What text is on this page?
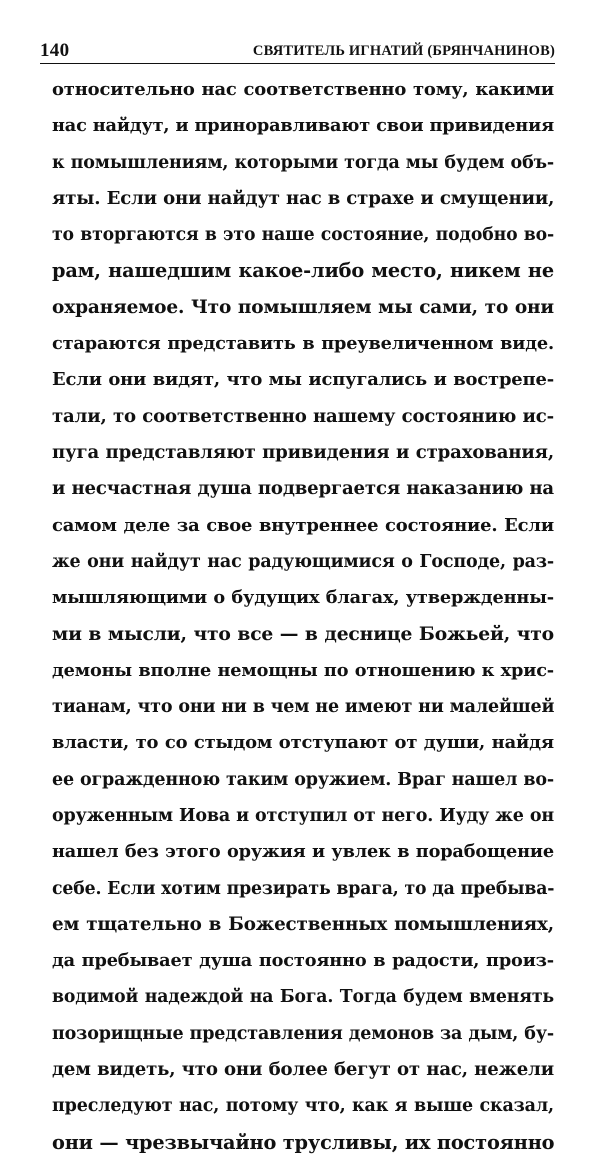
140	СВЯТИТЕЛЬ ИГНАТИЙ (БРЯНЧАНИНОВ)
относительно нас соответственно тому, какими
нас найдут, и приноравливают свои привидения
к помышлениям, которыми тогда мы будем объ-
яты. Если они найдут нас в страхе и смущении,
то вторгаются в это наше состояние, подобно во-
рам, нашедшим какое-либо место, никем не
охраняемое. Что помышляем мы сами, то они
стараются представить в преувеличенном виде.
Если они видят, что мы испугались и вострепе-
тали, то соответственно нашему состоянию ис-
пуга представляют привидения и страхования,
и несчастная душа подвергается наказанию на
самом деле за свое внутреннее состояние. Если
же они найдут нас радующимися о Господе, раз-
мышляющими о будущих благах, утвержденны-
ми в мысли, что все — в деснице Божьей, что
демоны вполне немощны по отношению к хрис-
тианам, что они ни в чем не имеют ни малейшей
власти, то со стыдом отступают от души, найдя
ее огражденною таким оружием. Враг нашел во-
оруженным Иова и отступил от него. Иуду же он
нашел без этого оружия и увлек в порабощение
себе. Если хотим презирать врага, то да пребыва-
ем тщательно в Божественных помышлениях,
да пребывает душа постоянно в радости, произ-
водимой надеждой на Бога. Тогда будем вменять
позорищные представления демонов за дым, бу-
дем видеть, что они более бегут от нас, нежели
преследуют нас, потому что, как я выше сказал,
они — чрезвычайно трусливы, их постоянно
